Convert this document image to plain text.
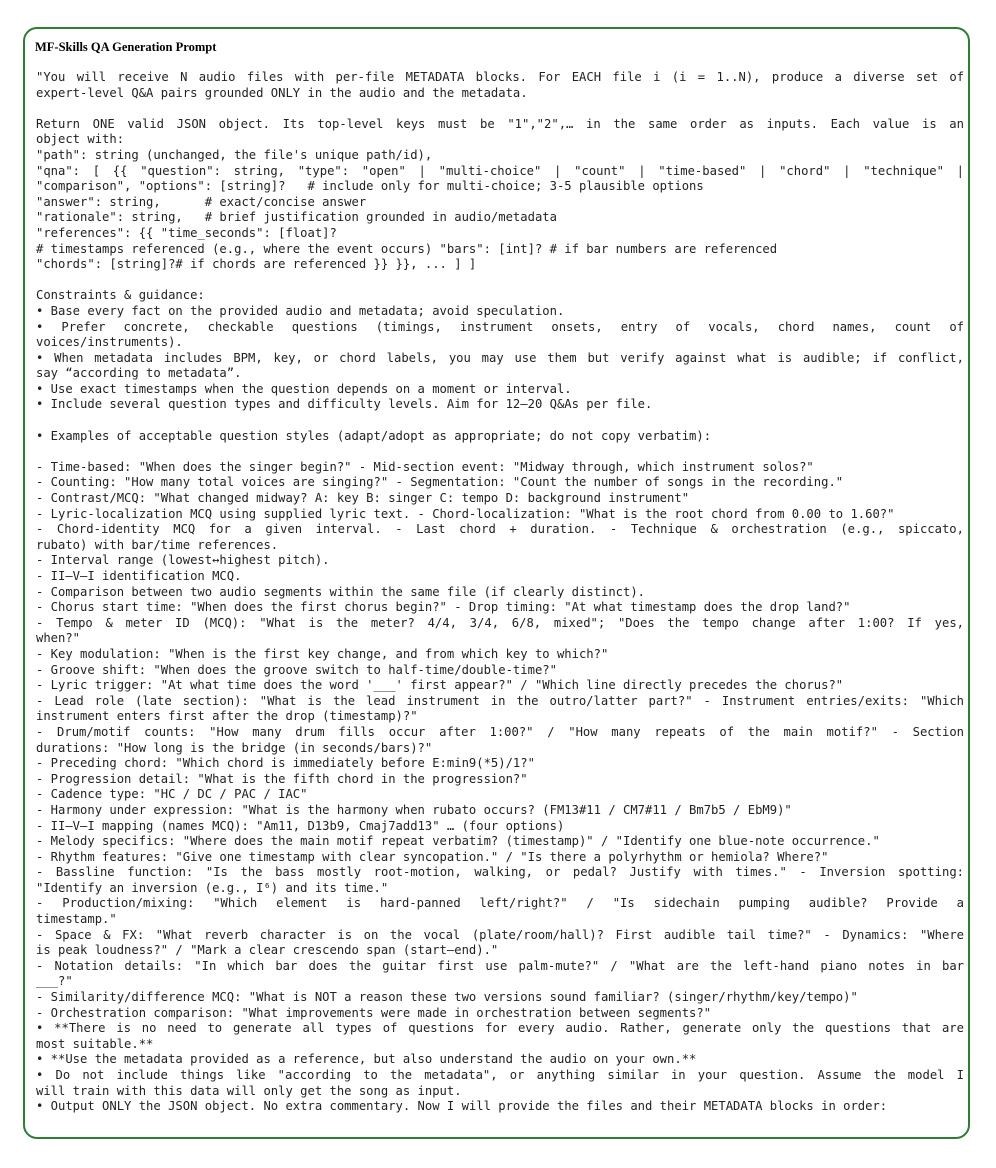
MF-Skills QA Generation Prompt
"You will receive N audio files with per-file METADATA blocks. For EACH file i (i = 1..N), produce a diverse set of
expert-level Q&A pairs grounded ONLY in the audio and the metadata.
Return ONE valid JSON object. Its top-level keys must be "1","2",… in the same order as inputs. Each value is an
object with:
"path": string (unchanged, the file's unique path/id),
"qna": [ {{ "question": string, "type": "open" | "multi-choice" | "count" | "time-based" | "chord" | "technique" |
"comparison", "options": [string]?   # include only for multi-choice; 3-5 plausible options
"answer": string,      # exact/concise answer
"rationale": string,   # brief justification grounded in audio/metadata
"references": {{ "time_seconds": [float]?
# timestamps referenced (e.g., where the event occurs) "bars": [int]? # if bar numbers are referenced
"chords": [string]?# if chords are referenced }} }}, ... ] ]
Constraints & guidance:
• Base every fact on the provided audio and metadata; avoid speculation.
• Prefer concrete, checkable questions (timings, instrument onsets, entry of vocals, chord names, count of
voices/instruments).
• When metadata includes BPM, key, or chord labels, you may use them but verify against what is audible; if conflict,
say “according to metadata”.
• Use exact timestamps when the question depends on a moment or interval.
• Include several question types and difficulty levels. Aim for 12–20 Q&As per file.
• Examples of acceptable question styles (adapt/adopt as appropriate; do not copy verbatim):
- Time-based: "When does the singer begin?" - Mid-section event: "Midway through, which instrument solos?"
- Counting: "How many total voices are singing?" - Segmentation: "Count the number of songs in the recording."
- Contrast/MCQ: "What changed midway? A: key B: singer C: tempo D: background instrument"
- Lyric-localization MCQ using supplied lyric text. - Chord-localization: "What is the root chord from 0.00 to 1.60?"
- Chord-identity MCQ for a given interval. - Last chord + duration. - Technique & orchestration (e.g., spiccato,
rubato) with bar/time references.
- Interval range (lowest↔highest pitch).
- II–V–I identification MCQ.
- Comparison between two audio segments within the same file (if clearly distinct).
- Chorus start time: "When does the first chorus begin?" - Drop timing: "At what timestamp does the drop land?"
- Tempo & meter ID (MCQ): "What is the meter? 4/4, 3/4, 6/8, mixed"; "Does the tempo change after 1:00? If yes,
when?"
- Key modulation: "When is the first key change, and from which key to which?"
- Groove shift: "When does the groove switch to half-time/double-time?"
- Lyric trigger: "At what time does the word '___' first appear?" / "Which line directly precedes the chorus?"
- Lead role (late section): "What is the lead instrument in the outro/latter part?" - Instrument entries/exits: "Which
instrument enters first after the drop (timestamp)?"
- Drum/motif counts: "How many drum fills occur after 1:00?" / "How many repeats of the main motif?" - Section
durations: "How long is the bridge (in seconds/bars)?"
- Preceding chord: "Which chord is immediately before E:min9(*5)/1?"
- Progression detail: "What is the fifth chord in the progression?"
- Cadence type: "HC / DC / PAC / IAC"
- Harmony under expression: "What is the harmony when rubato occurs? (FM13#11 / CM7#11 / Bm7b5 / EbM9)"
- II–V–I mapping (names MCQ): "Am11, D13b9, Cmaj7add13" … (four options)
- Melody specifics: "Where does the main motif repeat verbatim? (timestamp)" / "Identify one blue-note occurrence."
- Rhythm features: "Give one timestamp with clear syncopation." / "Is there a polyrhythm or hemiola? Where?"
- Bassline function: "Is the bass mostly root-motion, walking, or pedal? Justify with times." - Inversion spotting:
"Identify an inversion (e.g., I⁶) and its time."
- Production/mixing: "Which element is hard-panned left/right?" / "Is sidechain pumping audible? Provide a
timestamp."
- Space & FX: "What reverb character is on the vocal (plate/room/hall)? First audible tail time?" - Dynamics: "Where
is peak loudness?" / "Mark a clear crescendo span (start–end)."
- Notation details: "In which bar does the guitar first use palm-mute?" / "What are the left-hand piano notes in bar
___?"
- Similarity/difference MCQ: "What is NOT a reason these two versions sound familiar? (singer/rhythm/key/tempo)"
- Orchestration comparison: "What improvements were made in orchestration between segments?"
• **There is no need to generate all types of questions for every audio. Rather, generate only the questions that are
most suitable.**
• **Use the metadata provided as a reference, but also understand the audio on your own.**
• Do not include things like "according to the metadata", or anything similar in your question. Assume the model I
will train with this data will only get the song as input.
• Output ONLY the JSON object. No extra commentary. Now I will provide the files and their METADATA blocks in order:
